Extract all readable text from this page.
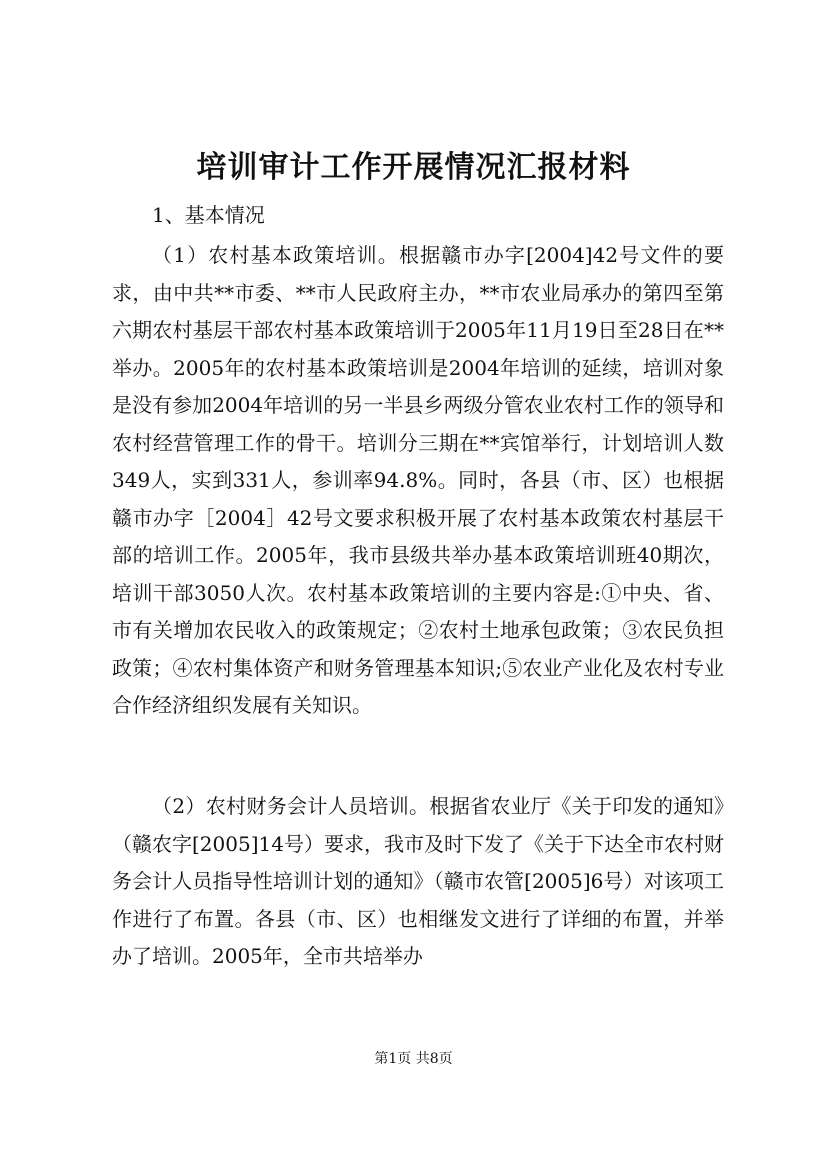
培训审计工作开展情况汇报材料
1、基本情况

（1）农村基本政策培训。根据赣市办字[2004]42号文件的要求，由中共**市委、**市人民政府主办，**市农业局承办的第四至第六期农村基层干部农村基本政策培训于2005年11月19日至28日在**举办。2005年的农村基本政策培训是2004年培训的延续，培训对象是没有参加2004年培训的另一半县乡两级分管农业农村工作的领导和农村经营管理工作的骨干。培训分三期在**宾馆举行，计划培训人数349人，实到331人，参训率94.8%。同时，各县（市、区）也根据赣市办字［2004］42号文要求积极开展了农村基本政策农村基层干部的培训工作。2005年，我市县级共举办基本政策培训班40期次，培训干部3050人次。农村基本政策培训的主要内容是:①中央、省、市有关增加农民收入的政策规定；②农村土地承包政策；③农民负担政策；④农村集体资产和财务管理基本知识;⑤农业产业化及农村专业合作经济组织发展有关知识。

（2）农村财务会计人员培训。根据省农业厅《关于印发的通知》（赣农字[2005]14号）要求，我市及时下发了《关于下达全市农村财务会计人员指导性培训计划的通知》（赣市农管[2005]6号）对该项工作进行了布置。各县（市、区）也相继发文进行了详细的布置，并举办了培训。2005年，全市共培举办

第1页 共8页
